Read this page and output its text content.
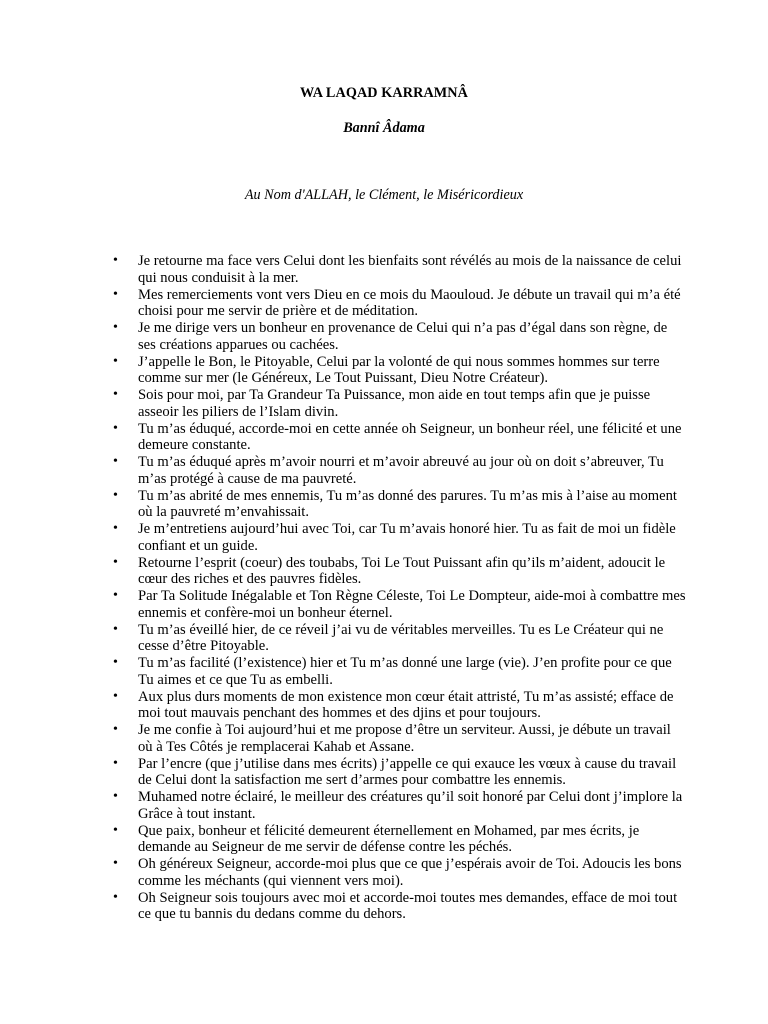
WA LAQAD KARRAMNÂ
Bannî Âdama
Au Nom d'ALLAH, le Clément, le Miséricordieux
• Je retourne ma face vers Celui dont les bienfaits sont révélés au mois de la naissance de celui qui nous conduisit à la mer.
• Mes remerciements vont vers Dieu en ce mois du Maouloud. Je débute un travail qui m’a été choisi pour me servir de prière et de méditation.
• Je me dirige vers un bonheur en provenance de Celui qui n’a pas d’égal dans son règne, de ses créations apparues ou cachées.
• J’appelle le Bon, le Pitoyable, Celui par la volonté de qui nous sommes hommes sur terre comme sur mer (le Généreux, Le Tout Puissant, Dieu Notre Créateur).
• Sois pour moi, par Ta Grandeur Ta Puissance, mon aide en tout temps afin que je puisse asseoir les piliers de l’Islam divin.
• Tu m’as éduqué, accorde-moi en cette année oh Seigneur, un bonheur réel, une félicité et une demeure constante.
• Tu m’as éduqué après m’avoir nourri et m’avoir abreuvé au jour où on doit s’abreuver, Tu m’as protégé à cause de ma pauvreté.
• Tu m’as abrité de mes ennemis, Tu m’as donné des parures. Tu m’as mis à l’aise au moment où la pauvreté m’envahissait.
• Je m’entretiens aujourd’hui avec Toi, car Tu m’avais honoré hier. Tu as fait de moi un fidèle confiant et un guide.
• Retourne l’esprit (coeur) des toubabs, Toi Le Tout Puissant afin qu’ils m’aident, adoucit le cœur des riches et des pauvres fidèles.
• Par Ta Solitude Inégalable et Ton Règne Céleste, Toi Le Dompteur, aide-moi à combattre mes ennemis et confère-moi un bonheur éternel.
• Tu m’as éveillé hier, de ce réveil j’ai vu de véritables merveilles. Tu es Le Créateur qui ne cesse d’être Pitoyable.
• Tu m’as facilité (l’existence) hier et Tu m’as donné une large (vie). J’en profite pour ce que Tu aimes et ce que Tu as embelli.
• Aux plus durs moments de mon existence mon cœur était attristé, Tu m’as assisté; efface de moi tout mauvais penchant des hommes et des djins et pour toujours.
• Je me confie à Toi aujourd’hui et me propose d’être un serviteur. Aussi, je débute un travail où à Tes Côtés je remplacerai Kahab et Assane.
• Par l’encre (que j’utilise dans mes écrits) j’appelle ce qui exauce les vœux à cause du travail de Celui dont la satisfaction me sert d’armes pour combattre les ennemis.
• Muhamed notre éclairé, le meilleur des créatures qu’il soit honoré par Celui dont j’implore la Grâce à tout instant.
• Que paix, bonheur et félicité demeurent éternellement en Mohamed, par mes écrits, je demande au Seigneur de me servir de défense contre les péchés.
• Oh généreux Seigneur, accorde-moi plus que ce que j’espérais avoir de Toi. Adoucis les bons comme les méchants (qui viennent vers moi).
• Oh Seigneur sois toujours avec moi et accorde-moi toutes mes demandes, efface de moi tout ce que tu bannis du dedans comme du dehors.
